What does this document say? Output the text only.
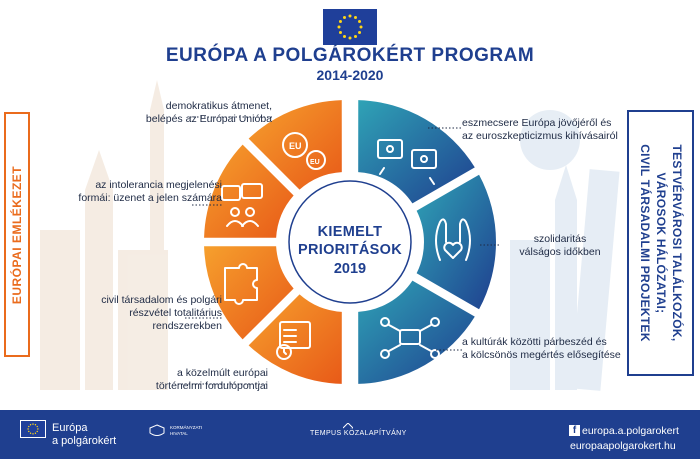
EURÓPA A POLGÁROKÉRT PROGRAM
2014-2020
EU
EU
KIEMELT
PRIORITÁSOK
2019
demokratikus átmenet,
belépés az Európai Unióba
az intolerancia megjelenési
formái: üzenet a jelen számára
civil társadalom és polgári
részvétel totalitárius
rendszerekben
a közelmúlt európai
történelmi fordulópontjai
eszmecsere Európa jövőjéről és
az euroszkepticizmus kihívásairól
szolidaritás
válságos időkben
a kultúrák közötti párbeszéd és
a kölcsönös megértés elősegítése
EURÓPAI EMLÉKEZET	TESTVÉRVÁROSI TALÁLKOZÓK,
VÁROSOK HÁLÓZATAI;
CIVIL TÁRSADALMI PROJEKTEK
Európa
a polgárokért
KORMÁNYZATI HIVATAL	TEMPUS KÖZALAPÍTVÁNY	f europa.a.polgarokert
europaapolgarokert.hu
